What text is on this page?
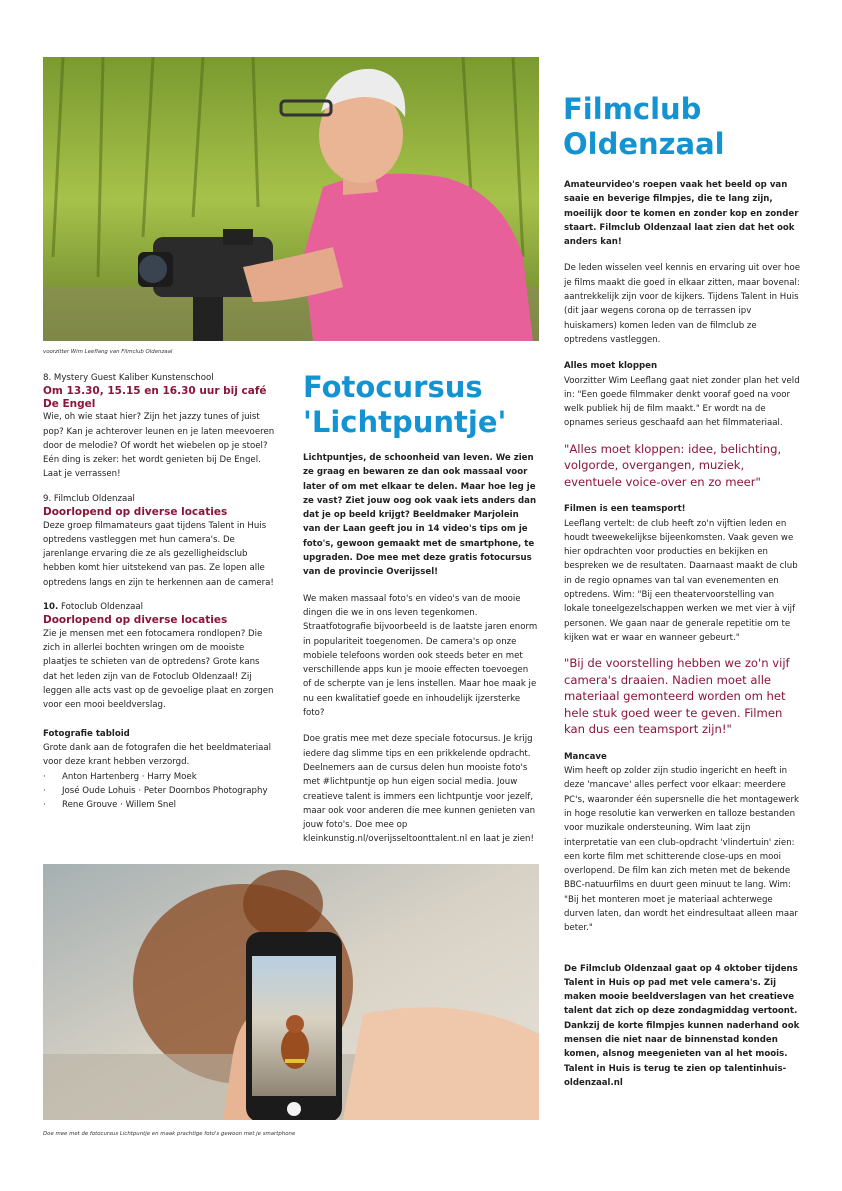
voorzitter Wim Leeflang van Filmclub Oldenzaal

Filmclub
Oldenzaal

Amateurvideo's roepen vaak het beeld op van saaie en beverige filmpjes, die te lang zijn, moeilijk door te komen en zonder kop en zonder staart. Filmclub Oldenzaal laat zien dat het ook anders kan!

De leden wisselen veel kennis en ervaring uit over hoe je films maakt die goed in elkaar zitten, maar bovenal: aantrekkelijk zijn voor de kijkers. Tijdens Talent in Huis (dit jaar wegens corona op de terrassen ipv huiskamers) komen leden van de filmclub ze optredens vastleggen.

Alles moet kloppen

Voorzitter Wim Leeflang gaat niet zonder plan het veld in: "Een goede filmmaker denkt vooraf goed na voor welk publiek hij de film maakt." Er wordt na de opnames serieus geschaafd aan het filmmateriaal.

"Alles moet kloppen: idee, belichting, volgorde, overgangen, muziek, eventuele voice-over en zo meer"

Filmen is een teamsport!

Leeflang vertelt: de club heeft zo'n vijftien leden en houdt tweewekelijkse bijeenkomsten. Vaak geven we hier opdrachten voor producties en bekijken en bespreken we de resultaten. Daarnaast maakt de club in de regio opnames van tal van evenementen en optredens. Wim: "Bij een theatervoorstelling van lokale toneelgezelschappen werken we met vier à vijf personen. We gaan naar de generale repetitie om te kijken wat er waar en wanneer gebeurt."

"Bij de voorstelling hebben we zo'n vijf camera's draaien. Nadien moet alle materiaal gemonteerd worden om het hele stuk goed weer te geven. Filmen kan dus een teamsport zijn!"

Mancave

Wim heeft op zolder zijn studio ingericht en heeft in deze 'mancave' alles perfect voor elkaar: meerdere PC's, waaronder één supersnelle die het montagewerk in hoge resolutie kan verwerken en talloze bestanden voor muzikale ondersteuning. Wim laat zijn interpretatie van een club-opdracht 'vlindertuin' zien: een korte film met schitterende close-ups en mooi overlopend. De film kan zich meten met de bekende BBC-natuurfilms en duurt geen minuut te lang. Wim: "Bij het monteren moet je materiaal achterwege durven laten, dan wordt het eindresultaat alleen maar beter."

De Filmclub Oldenzaal gaat op 4 oktober tijdens Talent in Huis op pad met vele camera's. Zij maken mooie beeldverslagen van het creatieve talent dat zich op deze zondagmiddag vertoont. Dankzij de korte filmpjes kunnen naderhand ook mensen die niet naar de binnenstad konden komen, alsnog meegenieten van al het moois. Talent in Huis is terug te zien op talentinhuis-oldenzaal.nl

8. Mystery Guest Kaliber Kunstenschool

Om 13.30, 15.15 en 16.30 uur bij café De Engel

Wie, oh wie staat hier? Zijn het jazzy tunes of juist pop? Kan je achterover leunen en je laten meevoeren door de melodie? Of wordt het wiebelen op je stoel? Eén ding is zeker: het wordt genieten bij De Engel. Laat je verrassen!

9. Filmclub Oldenzaal

Doorlopend op diverse locaties

Deze groep filmamateurs gaat tijdens Talent in Huis optredens vastleggen met hun camera's. De jarenlange ervaring die ze als gezelligheidsclub hebben komt hier uitstekend van pas. Ze lopen alle optredens langs en zijn te herkennen aan de camera!

10. Fotoclub Oldenzaal

Doorlopend op diverse locaties

Zie je mensen met een fotocamera rondlopen? Die zich in allerlei bochten wringen om de mooiste plaatjes te schieten van de optredens? Grote kans dat het leden zijn van de Fotoclub Oldenzaal! Zij leggen alle acts vast op de gevoelige plaat en zorgen voor een mooi beeldverslag.

Fotografie tabloid

Grote dank aan de fotografen die het beeldmateriaal voor deze krant hebben verzorgd.

· Anton Hartenberg · Harry Moek
· José Oude Lohuis · Peter Doornbos Photography
· Rene Grouve · Willem Snel
Fotocursus
'Lichtpuntje'

Lichtpuntjes, de schoonheid van leven. We zien ze graag en bewaren ze dan ook massaal voor later of om met elkaar te delen. Maar hoe leg je ze vast? Ziet jouw oog ook vaak iets anders dan dat je op beeld krijgt? Beeldmaker Marjolein van der Laan geeft jou in 14 video's tips om je foto's, gewoon gemaakt met de smartphone, te upgraden. Doe mee met deze gratis fotocursus van de provincie Overijssel!

We maken massaal foto's en video's van de mooie dingen die we in ons leven tegenkomen. Straatfotografie bijvoorbeeld is de laatste jaren enorm in populariteit toegenomen. De camera's op onze mobiele telefoons worden ook steeds beter en met verschillende apps kun je mooie effecten toevoegen of de scherpte van je lens instellen. Maar hoe maak je nu een kwalitatief goede en inhoudelijk ijzersterke foto?

Doe gratis mee met deze speciale fotocursus. Je krijg iedere dag slimme tips en een prikkelende opdracht. Deelnemers aan de cursus delen hun mooiste foto's met #lichtpuntje op hun eigen social media. Jouw creatieve talent is immers een lichtpuntje voor jezelf, maar ook voor anderen die mee kunnen genieten van jouw foto's. Doe mee op kleinkunstig.nl/overijsseltoonttalent.nl en laat je zien!

Doe mee met de fotocursus Lichtpuntje en maak prachtige foto's gewoon met je smartphone
